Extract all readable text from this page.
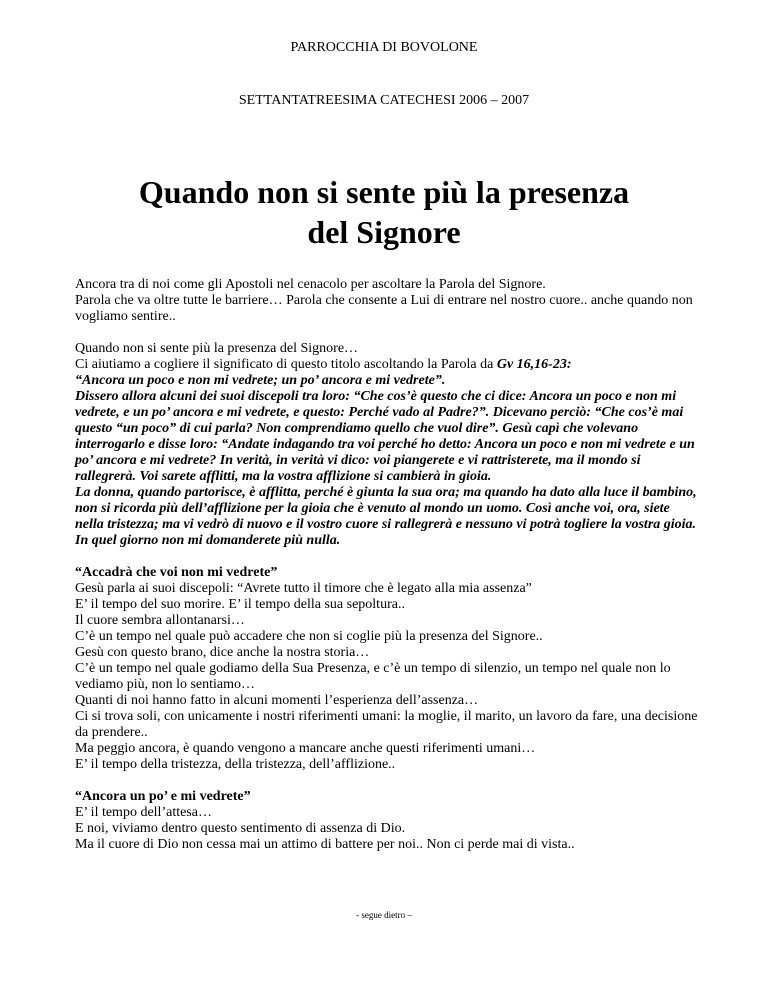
PARROCCHIA DI BOVOLONE
SETTANTATREESIMA CATECHESI 2006 – 2007
Quando non si sente più la presenza
del Signore

Ancora tra di noi come gli Apostoli nel cenacolo per ascoltare la Parola del Signore.

Parola che va oltre tutte le barriere… Parola che consente a Lui di entrare nel nostro cuore.. anche quando non vogliamo sentire..

Quando non si sente più la presenza del Signore…

Ci aiutiamo a cogliere il significato di questo titolo ascoltando la Parola da Gv 16,16-23:

“Ancora un poco e non mi vedrete; un po’ ancora e mi vedrete”.

Dissero allora alcuni dei suoi discepoli tra loro: “Che cos’è questo che ci dice: Ancora un poco e non mi vedrete, e un po’ ancora e mi vedrete, e questo: Perché vado al Padre?”. Dicevano perciò: “Che cos’è mai questo “un poco” di cui parla? Non comprendiamo quello che vuol dire”. Gesù capì che volevano interrogarlo e disse loro: “Andate indagando tra voi perché ho detto: Ancora un poco e non mi vedrete e un po’ ancora e mi vedrete? In verità, in verità vi dico: voi piangerete e vi rattristerete, ma il mondo si rallegrerà. Voi sarete afflitti, ma la vostra afflizione si cambierà in gioia.

La donna, quando partorisce, è afflitta, perché è giunta la sua ora; ma quando ha dato alla luce il bambino, non si ricorda più dell’afflizione per la gioia che è venuto al mondo un uomo. Così anche voi, ora, siete nella tristezza; ma vi vedrò di nuovo e il vostro cuore si rallegrerà e nessuno vi potrà togliere la vostra gioia. In quel giorno non mi domanderete più nulla.

“Accadrà che voi non mi vedrete”

Gesù parla ai suoi discepoli: “Avrete tutto il timore che è legato alla mia assenza”

E’ il tempo del suo morire. E’ il tempo della sua sepoltura..

Il cuore sembra allontanarsi…

C’è un tempo nel quale può accadere che non si coglie più la presenza del Signore..

Gesù con questo brano, dice anche la nostra storia…

C’è un tempo nel quale godiamo della Sua Presenza, e c’è un tempo di silenzio, un tempo nel quale non lo vediamo più, non lo sentiamo…

Quanti di noi hanno fatto in alcuni momenti l’esperienza dell’assenza…

Ci si trova soli, con unicamente i nostri riferimenti umani: la moglie, il marito, un lavoro da fare, una decisione da prendere..

Ma peggio ancora, è quando vengono a mancare anche questi riferimenti umani…

E’ il tempo della tristezza, della tristezza, dell’afflizione..

“Ancora un po’ e mi vedrete”

E’ il tempo dell’attesa…

E noi, viviamo dentro questo sentimento di assenza di Dio.

Ma il cuore di Dio non cessa mai un attimo di battere per noi.. Non ci perde mai di vista..

- segue dietro –
